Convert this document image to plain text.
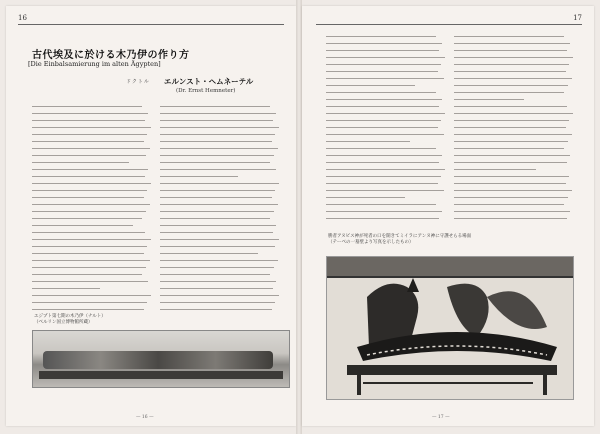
16
古代埃及に於ける木乃伊の作り方
[Die Einbalsamierung im alten Ägypten]
ドクトル エルンスト・ヘムネーテル
(Dr. Ernst Hemneter)
エジプト第七期の木乃伊（ナルト）
（ベルリン国立博物館所蔵）
— 16 —
17
勝者アヌビス神が死者の口を開きてミイラにアンヌ神に守護せらる場面
（テーベの一墓壁より写真を示したもの）
— 17 —
